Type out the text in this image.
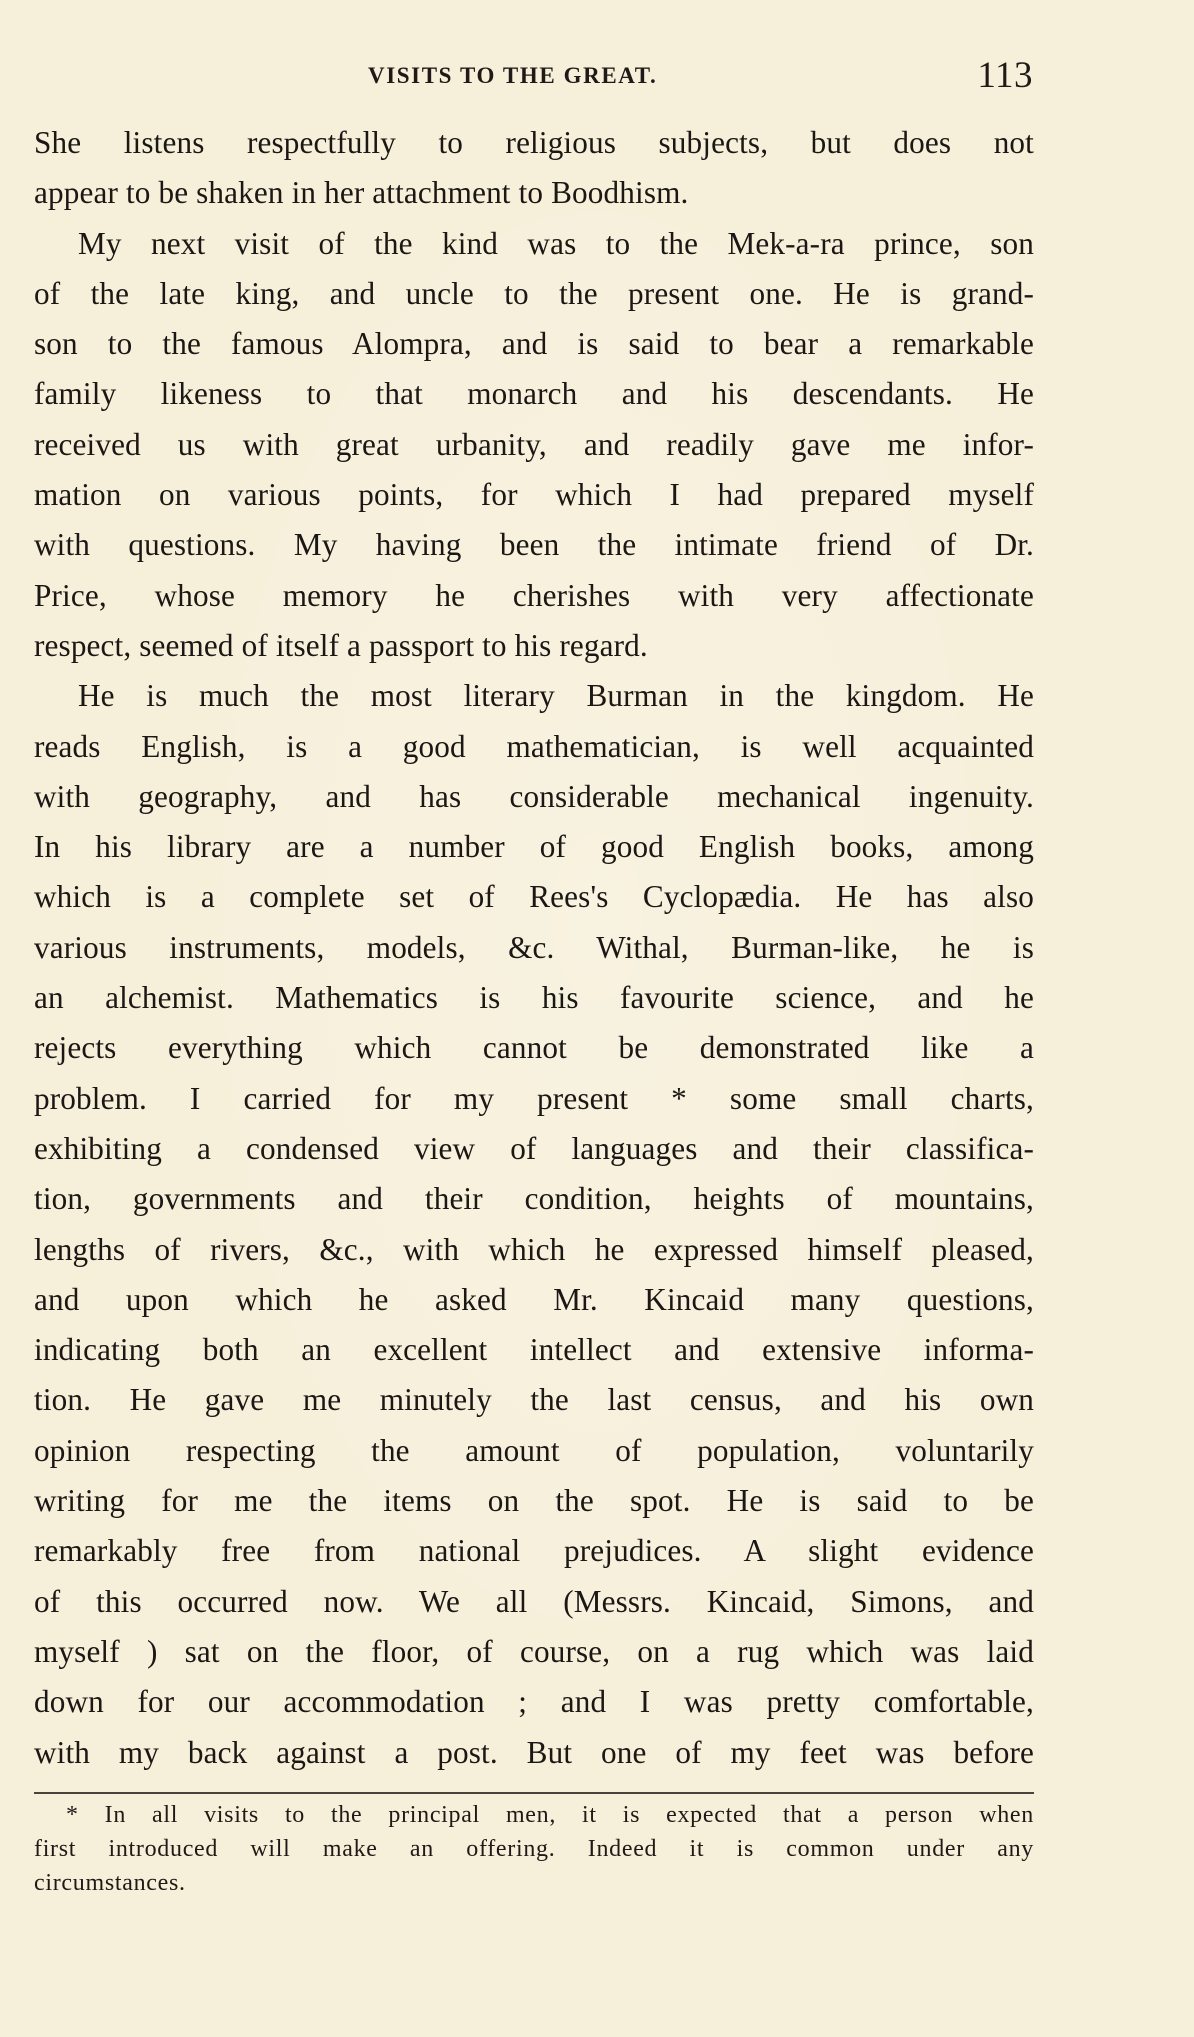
VISITS TO THE GREAT.	113
She listens respectfully to religious subjects, but does not
appear to be shaken in her attachment to Boodhism.
My next visit of the kind was to the Mek-a-ra prince, son
of the late king, and uncle to the present one. He is grand-
son to the famous Alompra, and is said to bear a remarkable
family likeness to that monarch and his descendants. He
received us with great urbanity, and readily gave me infor-
mation on various points, for which I had prepared myself
with questions. My having been the intimate friend of Dr.
Price, whose memory he cherishes with very affectionate
respect, seemed of itself a passport to his regard.
He is much the most literary Burman in the kingdom. He
reads English, is a good mathematician, is well acquainted
with geography, and has considerable mechanical ingenuity.
In his library are a number of good English books, among
which is a complete set of Rees's Cyclopædia. He has also
various instruments, models, &c. Withal, Burman-like, he is
an alchemist. Mathematics is his favourite science, and he
rejects everything which cannot be demonstrated like a
problem. I carried for my present * some small charts,
exhibiting a condensed view of languages and their classifica-
tion, governments and their condition, heights of mountains,
lengths of rivers, &c., with which he expressed himself pleased,
and upon which he asked Mr. Kincaid many questions,
indicating both an excellent intellect and extensive informa-
tion. He gave me minutely the last census, and his own
opinion respecting the amount of population, voluntarily
writing for me the items on the spot. He is said to be
remarkably free from national prejudices. A slight evidence
of this occurred now. We all (Messrs. Kincaid, Simons, and
myself ) sat on the floor, of course, on a rug which was laid
down for our accommodation ; and I was pretty comfortable,
with my back against a post. But one of my feet was before
* In all visits to the principal men, it is expected that a person when
first introduced will make an offering. Indeed it is common under any
circumstances.
